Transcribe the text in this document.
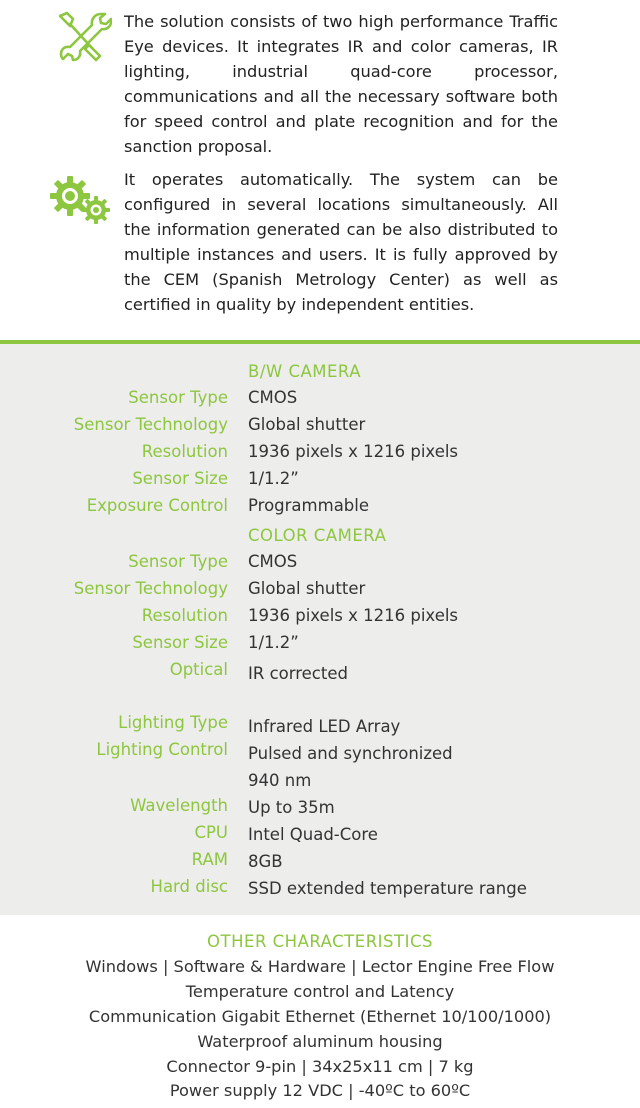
The solution consists of two high performance Traffic Eye devices. It integrates IR and color cameras, IR lighting, industrial quad-core processor, communications and all the necessary software both for speed control and plate recognition and for the sanction proposal.

It operates automatically. The system can be configured in several locations simultaneously. All the information generated can be also distributed to multiple instances and users. It is fully approved by the CEM (Spanish Metrology Center) as well as certified in quality by independent entities.

B/W CAMERA
Sensor Type CMOS
Sensor Technology Global shutter
Resolution 1936 pixels x 1216 pixels
Sensor Size 1/1.2”
Exposure Control Programmable
COLOR CAMERA
Sensor Type CMOS
Sensor Technology Global shutter
Resolution 1936 pixels x 1216 pixels
Sensor Size 1/1.2”
Optical IR corrected
Lighting Type Infrared LED Array
Lighting Control Pulsed and synchronized
940 nm
Wavelength Up to 35m
CPU Intel Quad-Core
RAM 8GB
Hard disc SSD extended temperature range
OTHER CHARACTERISTICS
Windows | Software & Hardware | Lector Engine Free Flow
Temperature control and Latency
Communication Gigabit Ethernet (Ethernet 10/100/1000)
Waterproof aluminum housing
Connector 9-pin | 34x25x11 cm | 7 kg
Power supply 12 VDC | -40ºC to 60ºC
